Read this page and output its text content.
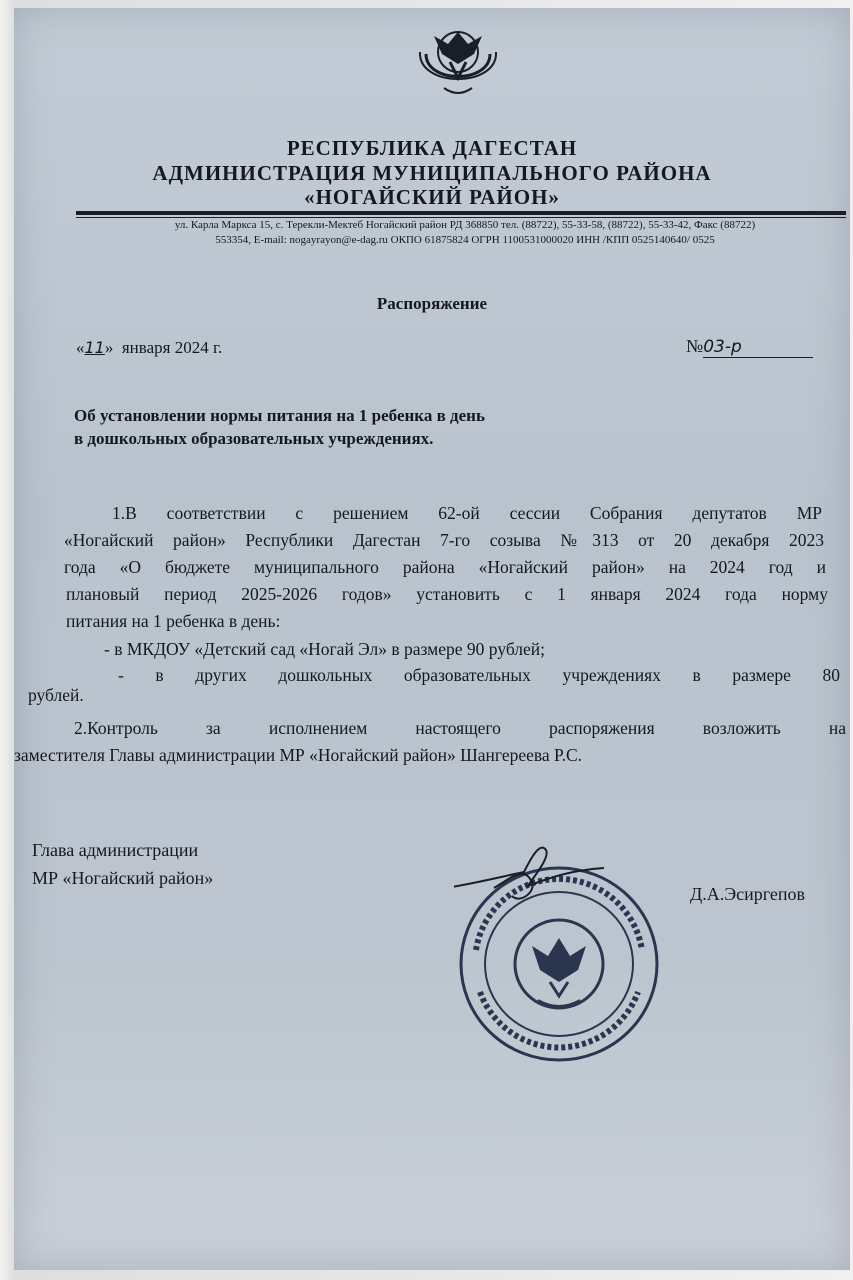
РЕСПУБЛИКА ДАГЕСТАН
АДМИНИСТРАЦИЯ МУНИЦИПАЛЬНОГО РАЙОНА
«НОГАЙСКИЙ РАЙОН»
ул. Карла Маркса 15, с. Терекли-Мектеб Ногайский район РД 368850 тел. (88722), 55-33-58, (88722), 55-33-42, Факс (88722)
553354, E-mail: nogayrayon@e-dag.ru ОКПО 61875824 ОГРН 1100531000020 ИНН /КПП 0525140640/ 0525
Распоряжение
«11» января 2024 г.	№03-р
Об установлении нормы питания на 1 ребенка в день
в дошкольных образовательных учреждениях.
1.В соответствии с решением 62-ой сессии Собрания депутатов МР
«Ногайский район» Республики Дагестан 7-го созыва №313 от 20 декабря 2023
года «О бюджете муниципального района «Ногайский район» на 2024 год и
плановый период 2025-2026 годов» установить с 1 января 2024 года норму
питания на 1 ребенка в день:
- в МКДОУ «Детский сад «Ногай Эл» в размере 90 рублей;
- в других дошкольных образовательных учреждениях в размере 80
рублей.
2.Контроль за исполнением настоящего распоряжения возложить на
заместителя Главы администрации МР «Ногайский район» Шангереева Р.С.
Глава администрации
МР «Ногайский район»
Д.А.Эсиргепов
